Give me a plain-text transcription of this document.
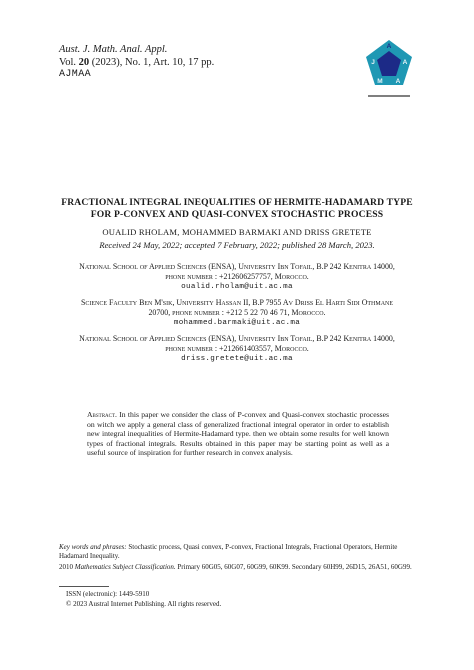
Aust. J. Math. Anal. Appl.
Vol. 20 (2023), No. 1, Art. 10, 17 pp.
AJMAA
A
J	A
M A
FRACTIONAL INTEGRAL INEQUALITIES OF HERMITE-HADAMARD TYPE
FOR P-CONVEX AND QUASI-CONVEX STOCHASTIC PROCESS
OUALID RHOLAM, MOHAMMED BARMAKI AND DRISS GRETETE
Received 24 May, 2022; accepted 7 February, 2022; published 28 March, 2023.
National School of Applied Sciences (ENSA), University Ibn Tofail, B.P 242 Kenitra 14000,
phone number : +212606257757, Morocco.
oualid.rholam@uit.ac.ma
Science Faculty Ben M'sik, University Hassan II, B.P 7955 Av Driss El Harti Sidi Othmane
20700, phone number : +212 5 22 70 46 71, Morocco.
mohammed.barmaki@uit.ac.ma
National School of Applied Sciences (ENSA), University Ibn Tofail, B.P 242 Kenitra 14000,
phone number : +212661403557, Morocco.
driss.gretete@uit.ac.ma
Abstract. In this paper we consider the class of P-convex and Quasi-convex stochastic processes on witch we apply a general class of generalized fractional integral operator in order to establish new integral inequalities of Hermite-Hadamard type. then we obtain some results for well known types of fractional integrals. Results obtained in this paper may be starting point as well as a useful source of inspiration for further research in convex analysis.
Key words and phrases: Stochastic process, Quasi convex, P-convex, Fractional Integrals, Fractional Operators, Hermite Hadamard Inequality.
2010 Mathematics Subject Classification. Primary 60G05, 60G07, 60G99, 60K99. Secondary 60H99, 26D15, 26A51, 60G99.
ISSN (electronic): 1449-5910
© 2023 Austral Internet Publishing. All rights reserved.
